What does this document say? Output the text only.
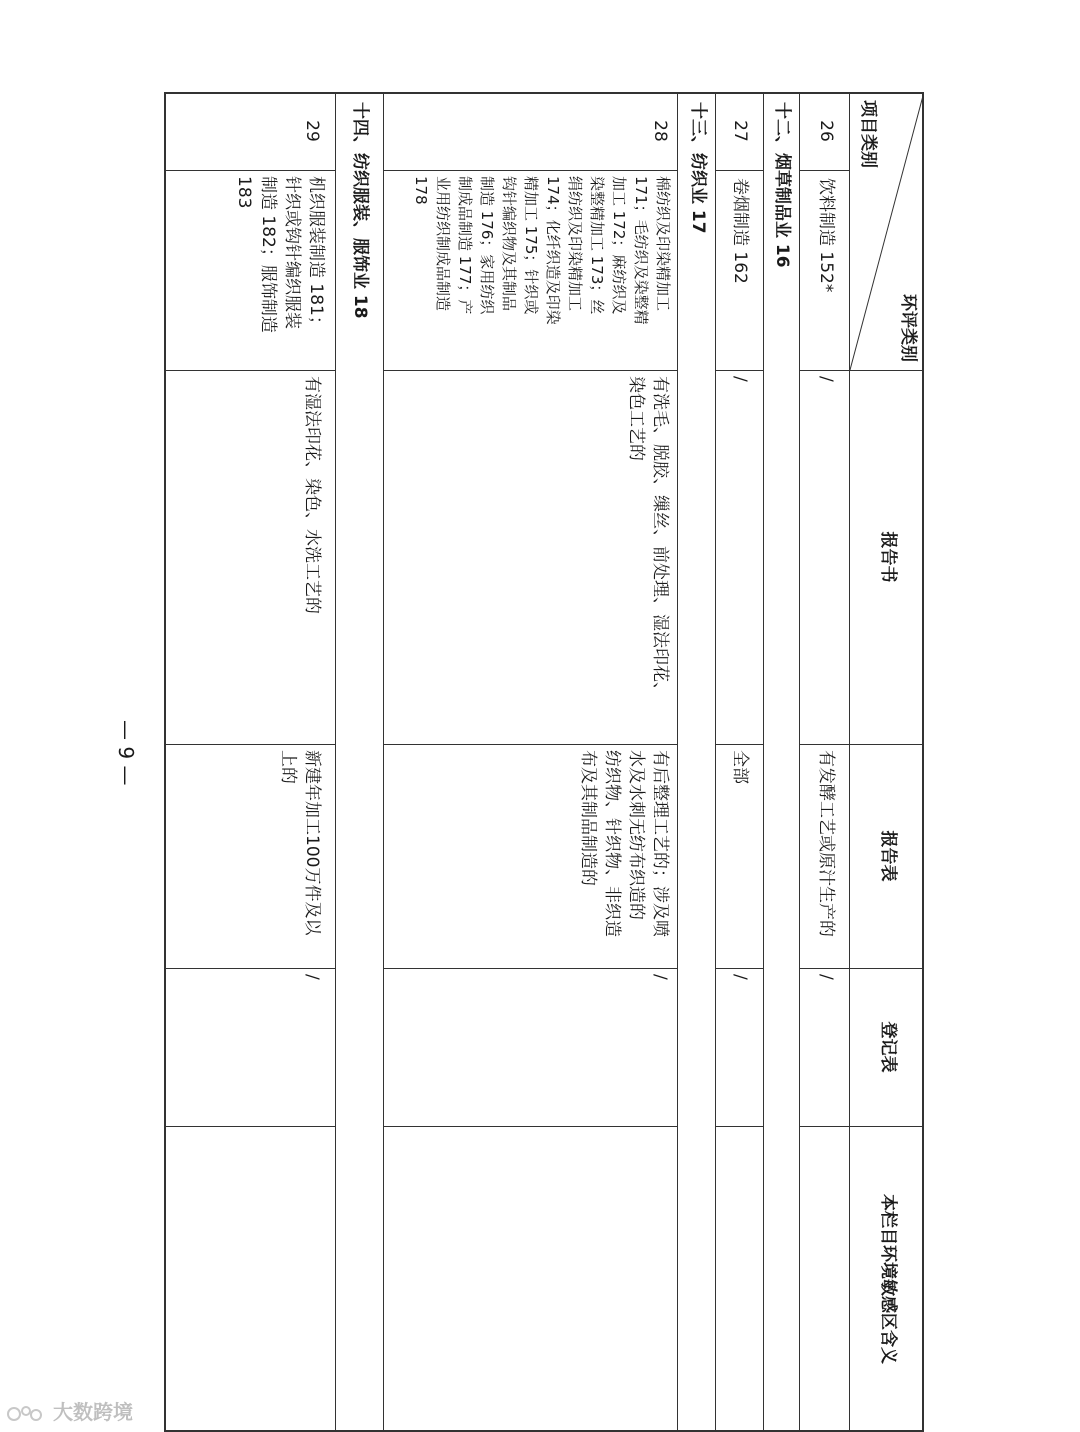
环评类别
项目类别
报告书
报告表
登记表
本栏目环境敏感区含义
26
饮料制造 152*
/
有发酵工艺或原汁生产的
/
十二、烟草制品业 16
27
卷烟制造 162
/
全部
/
十三、纺织业 17
28
棉纺织及印染精加工
171；毛纺织及染整精
加工 172；麻纺织及
染整精加工 173；丝
绢纺织及印染精加工
174；化纤织造及印染
精加工 175；针织或
钩针编织物及其制品
制造 176；家用纺织
制成品制造 177；产
业用纺织制成品制造
178
有洗毛、脱胶、缫丝、前处理、湿法印花、
染色工艺的
有后整理工艺的；涉及喷
水及水刺无纺布织造的
纺织物、针织物、非织造
布及其制品制造的
/
十四、纺织服装、服饰业 18
29
机织服装制造 181；
针织或钩针编织服装
制造 182；服饰制造
183
有湿法印花、染色、水洗工艺的
新建年加工100万件及以
上的
/
— 9 —
大数跨境
